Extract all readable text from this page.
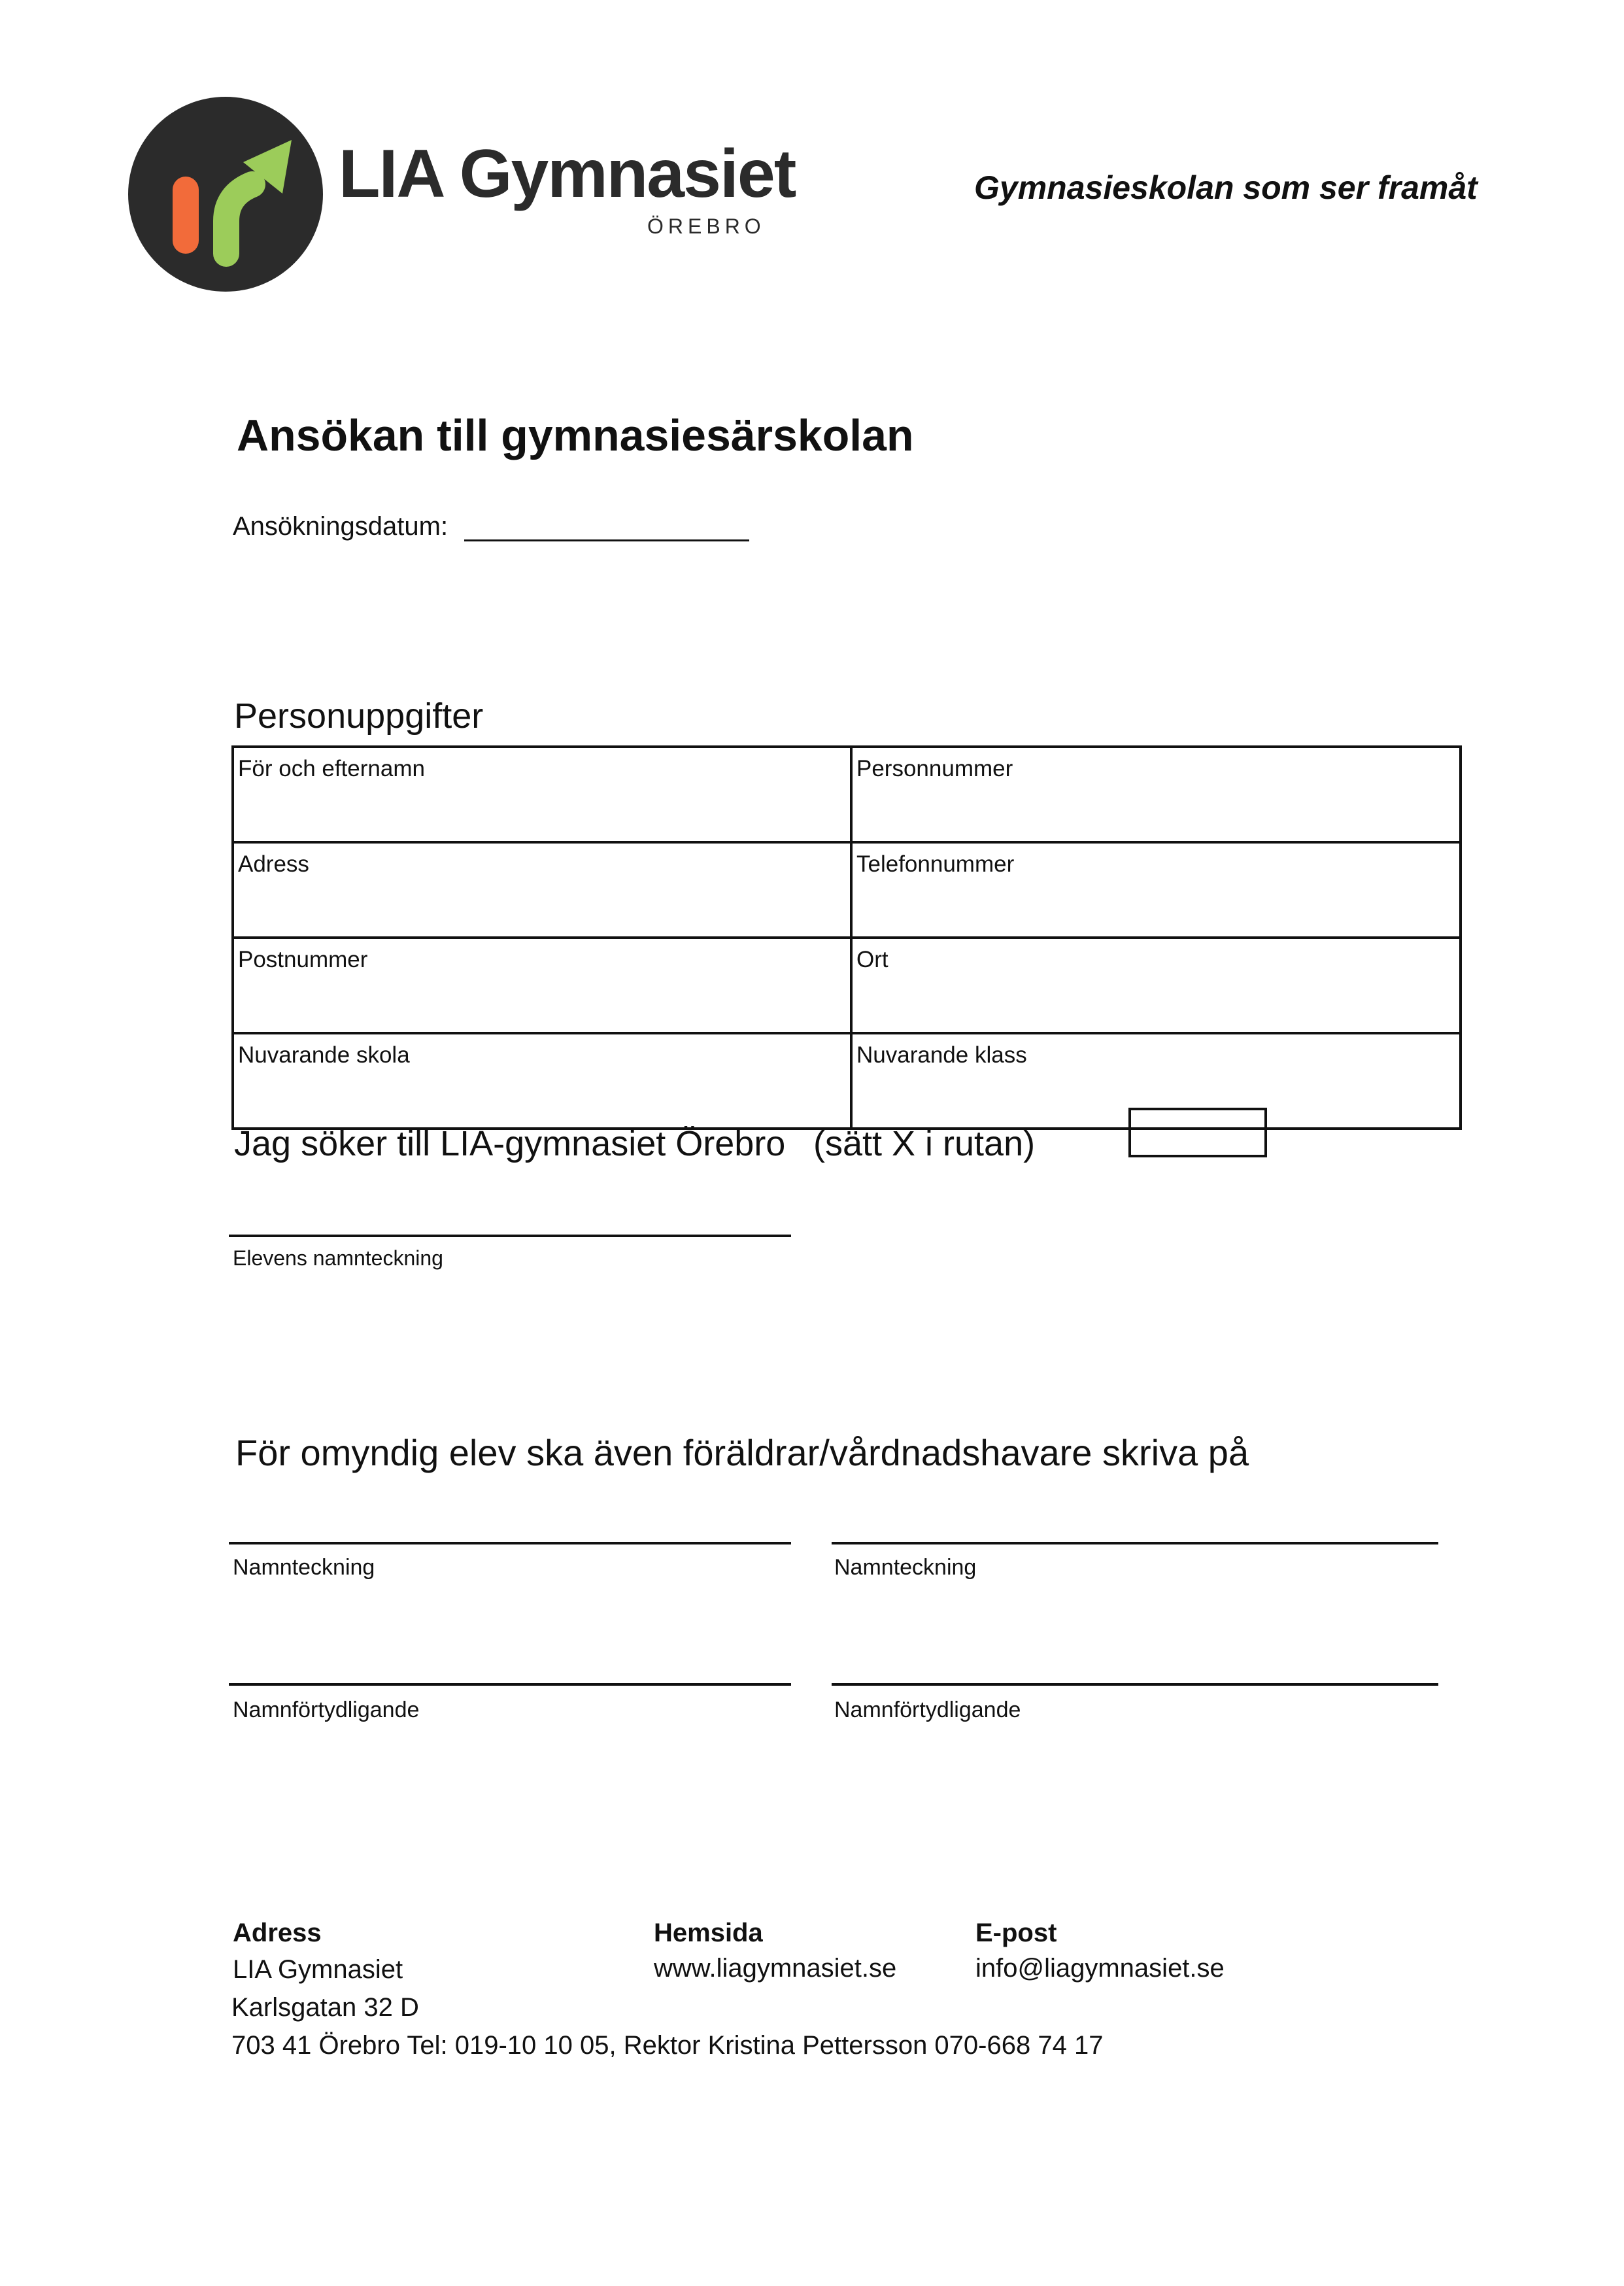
LIA Gymnasiet
ÖREBRO
Gymnasieskolan som ser framåt
Ansökan till gymnasiesärskolan
Ansökningsdatum:
Personuppgifter
För och efternamn	Personnummer
Adress	Telefonnummer
Postnummer	Ort
Nuvarande skola	Nuvarande klass
Jag söker till LIA-gymnasiet Örebro (sätt X i rutan)
Elevens namnteckning
För omyndig elev ska även föräldrar/vårdnadshavare skriva på
Namnteckning	Namnteckning
Namnförtydligande	Namnförtydligande
Adress
LIA Gymnasiet
Karlsgatan 32 D
703 41 Örebro Tel: 019-10 10 05, Rektor Kristina Pettersson 070-668 74 17
Hemsida
www.liagymnasiet.se
E-post
info@liagymnasiet.se
